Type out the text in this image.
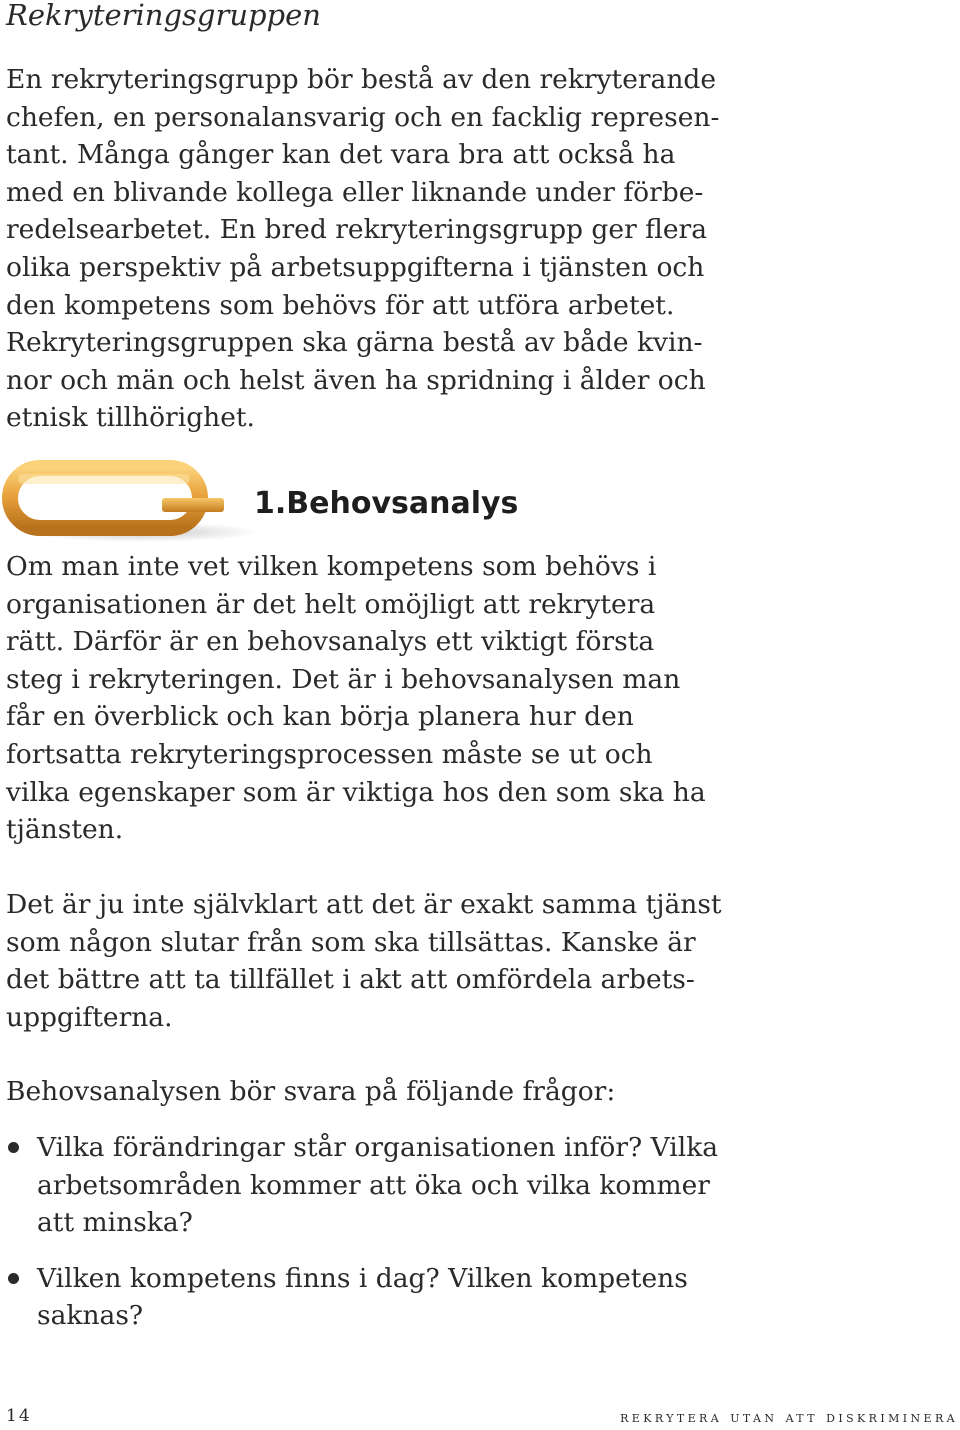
Rekryteringsgruppen

En rekryteringsgrupp bör bestå av den rekryterande
chefen, en personalansvarig och en facklig represen-
tant. Många gånger kan det vara bra att också ha
med en blivande kollega eller liknande under förbe-
redelsearbetet. En bred rekryteringsgrupp ger flera
olika perspektiv på arbetsuppgifterna i tjänsten och
den kompetens som behövs för att utföra arbetet.
Rekryteringsgruppen ska gärna bestå av både kvin-
nor och män och helst även ha spridning i ålder och
etnisk tillhörighet.

1.Behovsanalys

Om man inte vet vilken kompetens som behövs i
organisationen är det helt omöjligt att rekrytera
rätt. Därför är en behovsanalys ett viktigt första
steg i rekryteringen. Det är i behovsanalysen man
får en överblick och kan börja planera hur den
fortsatta rekryteringsprocessen måste se ut och
vilka egenskaper som är viktiga hos den som ska ha
tjänsten.

Det är ju inte självklart att det är exakt samma tjänst
som någon slutar från som ska tillsättas. Kanske är
det bättre att ta tillfället i akt att omfördela arbets-
uppgifterna.

Behovsanalysen bör svara på följande frågor:

Vilka förändringar står organisationen inför? Vilka
arbetsområden kommer att öka och vilka kommer
att minska?
Vilken kompetens finns i dag? Vilken kompetens
saknas?
14	rekrytera utan att diskriminera
